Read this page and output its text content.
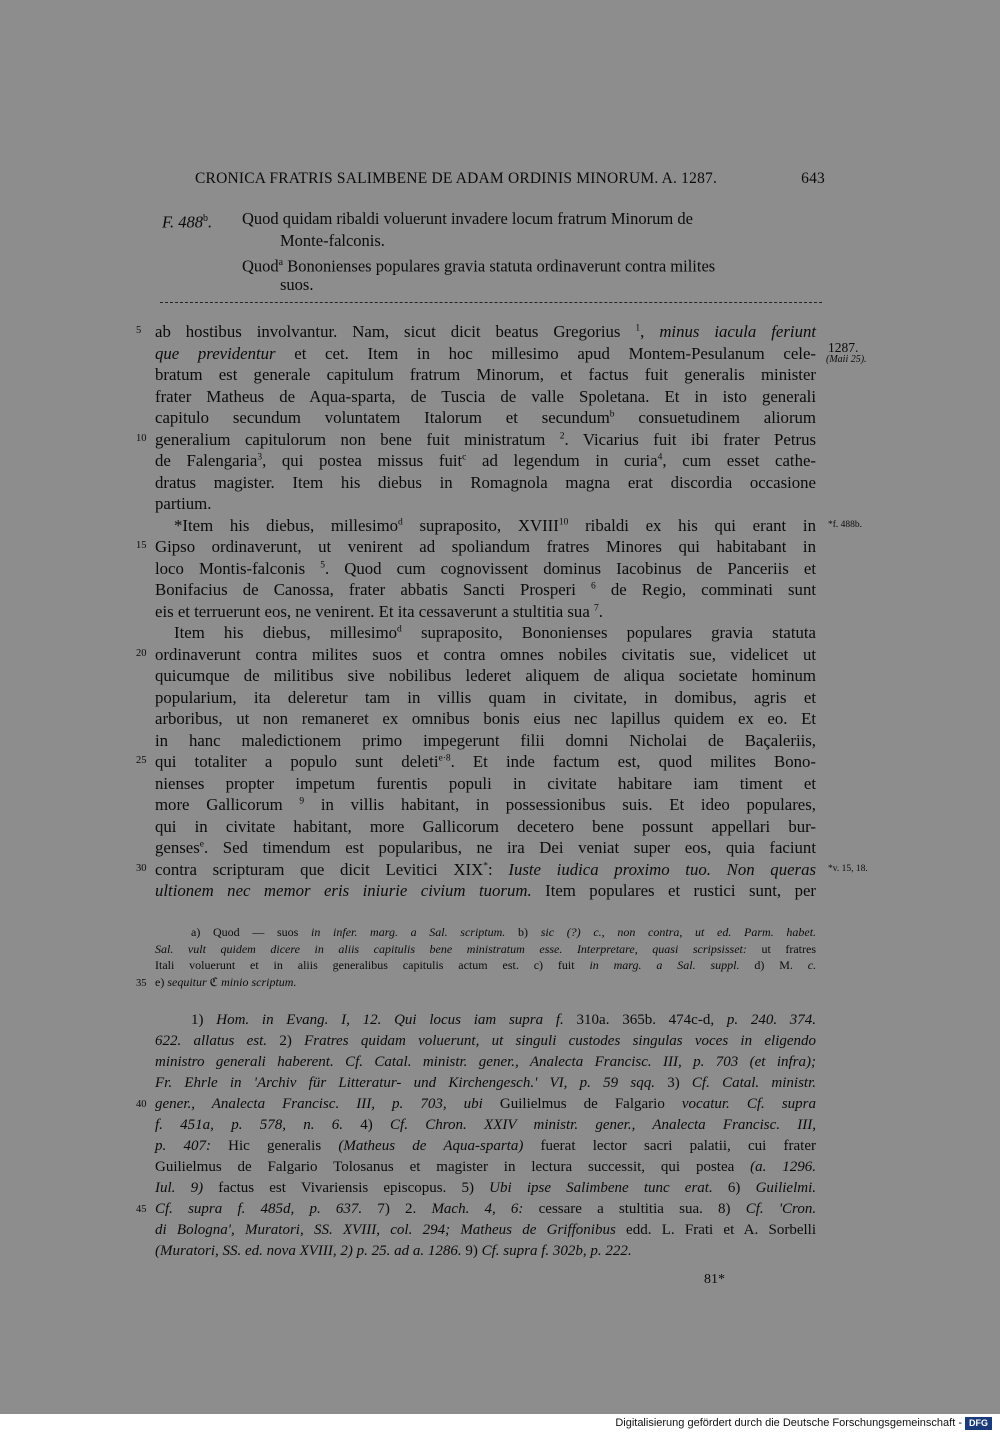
CRONICA FRATRIS SALIMBENE DE ADAM ORDINIS MINORUM. A. 1287.	643
F. 488$^b$. Quod quidam ribaldi voluerunt invadere locum fratrum Minorum de
Monte-falconis.
Quod$^a$ Bononienses populares gravia statuta ordinaverunt contra milites
suos.
5 ab hostibus involvantur. Nam, sicut dicit beatus Gregorius $^1$, minus iacula feriunt
que previdentur et cet. Item in hoc millesimo apud Montem-Pesulanum cele- 1287.
(Maii 25).
bratum est generale capitulum fratrum Minorum, et factus fuit generalis minister
frater Matheus de Aqua-sparta, de Tuscia de valle Spoletana. Et in isto generali
capitulo secundum voluntatem Italorum et secundum$^b$ consuetudinem aliorum
10 generalium capitulorum non bene fuit ministratum $^2$. Vicarius fuit ibi frater Petrus
de Falengaria$^3$, qui postea missus fuit$^c$ ad legendum in curia$^4$, cum esset cathe-
dratus magister. Item his diebus in Romagnola magna erat discordia occasione
partium.
*Item his diebus, millesimo$^d$ supraposito, XVIII$^{10}$ ribaldi ex his qui erant in *f. 488b.
15 Gipso ordinaverunt, ut venirent ad spoliandum fratres Minores qui habitabant in
loco Montis-falconis $^5$. Quod cum cognovissent dominus Iacobinus de Panceriis et
Bonifacius de Canossa, frater abbatis Sancti Prosperi $^6$ de Regio, comminati sunt
eis et terruerunt eos, ne venirent. Et ita cessaverunt a stultitia sua $^7$.
Item his diebus, millesimo$^d$ supraposito, Bononienses populares gravia statuta
20 ordinaverunt contra milites suos et contra omnes nobiles civitatis sue, videlicet ut
quicumque de militibus sive nobilibus lederet aliquem de aliqua societate hominum
popularium, ita deleretur tam in villis quam in civitate, in domibus, agris et
arboribus, ut non remaneret ex omnibus bonis eius nec lapillus quidem ex eo. Et
in hanc maledictionem primo impegerunt filii domni Nicholai de Baçaleriis,
25 qui totaliter a populo sunt deleti$^{e\cdot 8}$. Et inde factum est, quod milites Bono-
nienses propter impetum furentis populi in civitate habitare iam timent et
more Gallicorum $^9$ in villis habitant, in possessionibus suis. Et ideo populares,
qui in civitate habitant, more Gallicorum decetero bene possunt appellari bur-
genses$^e$. Sed timendum est popularibus, ne ira Dei veniat super eos, quia faciunt
30 contra scripturam que dicit Levitici XIX*: Iuste iudica proximo tuo. Non queras *v. 15, 18.
ultionem nec memor eris iniurie civium tuorum. Item populares et rustici sunt, per
a) Quod — suos in infer. marg. a Sal. scriptum. b) sic (?) c., non contra, ut ed. Parm. habet.
Sal. vult quidem dicere in aliis capitulis bene ministratum esse. Interpretare, quasi scripsisset: ut fratres
Itali voluerunt et in aliis generalibus capitulis actum est. c) fuit in marg. a Sal. suppl. d) M. c.
35 e) sequitur ℭ minio scriptum.
1) Hom. in Evang. I, 12. Qui locus iam supra f. 310a. 365b. 474c-d, p. 240. 374.
622. allatus est. 2) Fratres quidam voluerunt, ut singuli custodes singulas voces in eligendo
ministro generali haberent. Cf. Catal. ministr. gener., Analecta Francisc. III, p. 703 (et infra);
Fr. Ehrle in 'Archiv für Litteratur- und Kirchengesch.' VI, p. 59 sqq. 3) Cf. Catal. ministr.
40 gener., Analecta Francisc. III, p. 703, ubi Guilielmus de Falgario vocatur. Cf. supra
f. 451a, p. 578, n. 6. 4) Cf. Chron. XXIV ministr. gener., Analecta Francisc. III,
p. 407: Hic generalis (Matheus de Aqua-sparta) fuerat lector sacri palatii, cui frater
Guilielmus de Falgario Tolosanus et magister in lectura successit, qui postea (a. 1296.
Iul. 9) factus est Vivariensis episcopus. 5) Ubi ipse Salimbene tunc erat. 6) Guilielmi.
45 Cf. supra f. 485d, p. 637. 7) 2. Mach. 4, 6: cessare a stultitia sua. 8) Cf. 'Cron.
di Bologna', Muratori, SS. XVIII, col. 294; Matheus de Griffonibus edd. L. Frati et A. Sorbelli
(Muratori, SS. ed. nova XVIII, 2) p. 25. ad a. 1286. 9) Cf. supra f. 302b, p. 222.
81*
Digitalisierung gefördert durch die Deutsche Forschungsgemeinschaft - DFG
